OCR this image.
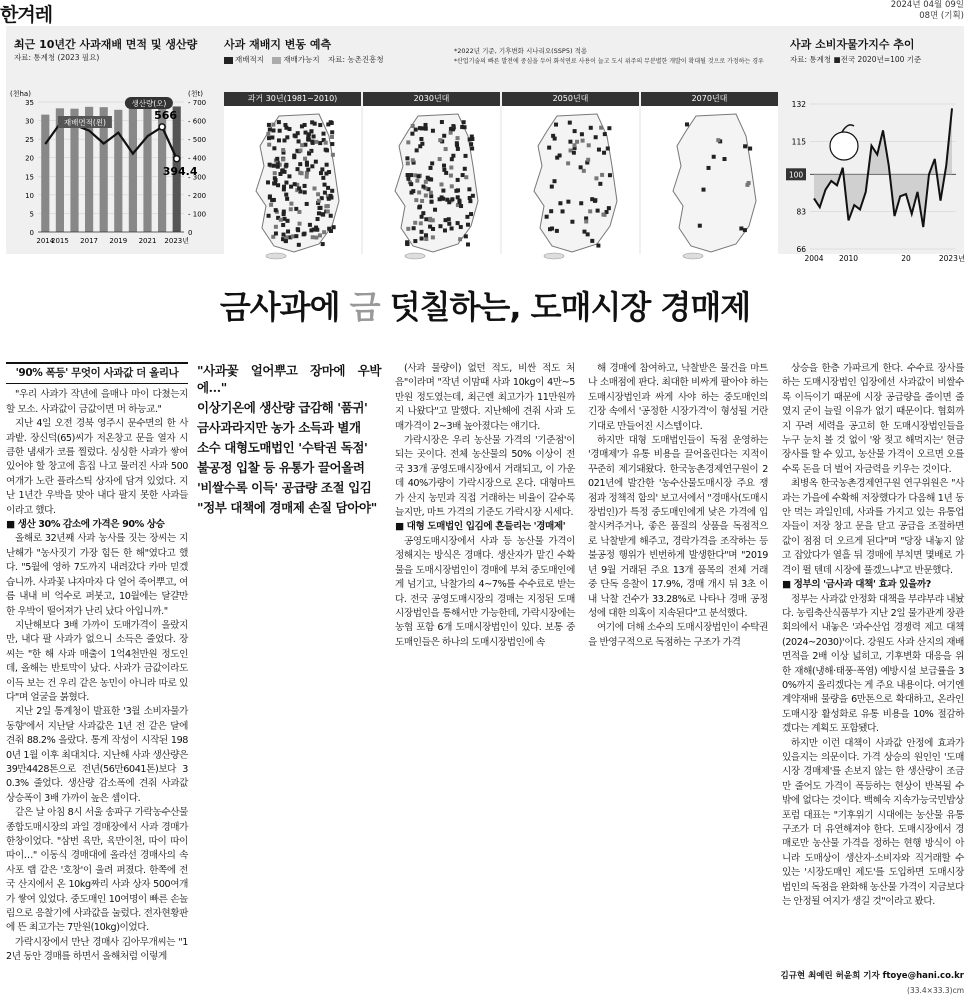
한겨레	2024년 04월 09일
08면 (기획)
최근 10년간 사과재배 면적 및 생산량
자료: 통계청 (2023 필요)
(천ha)	(천t)
0
5
10
15
20
25
30
35
0
- 100
- 200
- 300
- 400
- 500
- 600
- 700
재배면적(왼)
생산량(오)
566
394.4
2014
2015 2017 2019 2021 2023년
사과 재배지 변동 예측
재배적지	재배가능지 자료: 농촌진흥청
*2022년 기준, 기후변화 시나리오(SSP5) 적용
*산업기술의 빠른 발전에 중심을 두어 화석연료 사용이 늘고 도시 위주의 무분별한 개발이 확대될 것으로 가정하는 경우
과거 30년(1981~2010)	2030년대	2050년대	2070년대
사과 소비자물가지수 추이
자료: 통계청 ■전국 2020년=100 기준
66
83
100
115
132
2004 2010	20	2023년
금사과에 금 덧칠하는, 도매시장 경매제
'90% 폭등' 무엇이 사과값 더 올리나

"우리 사과가 작년에 을매나 마이 다쳤는지 할 모소. 사과값이 금값이면 머 하능교."

지난 4일 오전 경북 영주시 문수면의 한 사과밭. 장신덕(65)씨가 저온창고 문을 열자 시큼한 냄새가 코를 찔렀다. 싱싱한 사과가 쌓여 있어야 할 창고에 흠집 나고 물러진 사과 500여개가 노란 플라스틱 상자에 담겨 있었다. 지난 1년간 우박을 맞아 내다 팔지 못한 사과들이라고 했다.

■ 생산 30% 감소에 가격은 90% 상승

올해로 32년째 사과 농사를 짓는 장씨는 지난해가 "농사짓기 가장 힘든 한 해"였다고 했다. "5월에 영하 7도까지 내려갔다 카마 믿겠습니까. 사과꽃 냐자마자 다 얼어 죽어뿌고, 여름 내내 비 억수로 퍼붓고, 10월에는 달걀만 한 우박이 떨어져가 난리 났다 아입니까."

지난해보다 3배 가까이 도매가격이 올랐지만, 내다 팔 사과가 없으니 소득은 줄었다. 장씨는 "한 해 사과 매출이 1억4천만원 정도인데, 올해는 반토막이 났다. 사과가 금값이라도 이득 보는 건 우리 같은 농민이 아니라 따로 있다"며 얼굴을 붉혔다.

지난 2일 통계청이 발표한 '3월 소비자물가 동향'에서 지난달 사과값은 1년 전 같은 달에 견줘 88.2% 올랐다. 통계 작성이 시작된 1980년 1월 이후 최대치다. 지난해 사과 생산량은 39만4428톤으로 전년(56만6041톤)보다 30.3% 줄었다. 생산량 감소폭에 견줘 사과값 상승폭이 3배 가까이 높은 셈이다.

같은 날 아침 8시 서울 송파구 가락농수산물종합도매시장의 과일 경매장에서 사과 경매가 한창이었다. "삼번 육만, 육만이천, 따이 따이따이…" 이동식 경매대에 올라선 경매사의 속사포 랩 같은 '호창'이 울려 퍼졌다. 한쪽에 전국 산지에서 온 10kg짜리 사과 상자 500여개가 쌓여 있었다. 중도매인 10여명이 빠른 손놀림으로 응찰기에 사과값을 눌렀다. 전자현황판에 뜬 최고가는 7만원(10kg)이었다.

가락시장에서 만난 경매사 김아무개씨는 "12년 동안 경매를 하면서 올해처럼 이렇게

"사과꽃 얼어뿌고 장마에 우박에…"
이상기온에 생산량 급감해 '품귀'
금사과라지만 농가 소득과 별개
소수 대형도매법인 '수탁권 독점'
불공정 입찰 등 유통가 끌어올려
'비쌀수록 이득' 공급량 조절 입김
"정부 대책에 경매제 손질 담아야"

(사과 물량이) 없던 적도, 비싼 적도 처음"이라며 "작년 이맘때 사과 10kg이 4만~5만원 정도였는데, 최근엔 최고가가 11만원까지 나왔다"고 말했다. 지난해에 견줘 사과 도매가격이 2~3배 높아졌다는 얘기다.

가락시장은 우리 농산물 가격의 '기준점'이 되는 곳이다. 전체 농산물의 50% 이상이 전국 33개 공영도매시장에서 거래되고, 이 가운데 40%가량이 가락시장으로 온다. 대형마트가 산지 농민과 직접 거래하는 비율이 갈수록 늘지만, 마트 가격의 기준도 가락시장 시세다.

■ 대형 도매법인 입김에 흔들리는 '경매제'

공영도매시장에서 사과 등 농산물 가격이 정해지는 방식은 경매다. 생산자가 맡긴 수확물을 도매시장법인이 경매에 부쳐 중도매인에게 넘기고, 낙찰가의 4~7%를 수수료로 받는다. 전국 공영도매시장의 경매는 지정된 도매시장법인을 통해서만 가능한데, 가락시장에는 농협 포함 6개 도매시장법인이 있다. 보통 중도매인들은 하나의 도매시장법인에 속

해 경매에 참여하고, 낙찰받은 물건을 마트나 소매점에 판다. 최대한 비싸게 팔아야 하는 도매시장법인과 싸게 사야 하는 중도매인의 긴장 속에서 '공정한 시장가격'이 형성될 거란 기대로 만들어진 시스템이다.

하지만 대형 도매법인들이 독점 운영하는 '경매제'가 유통 비용을 끌어올린다는 지적이 꾸준히 제기돼왔다. 한국농촌경제연구원이 2021년에 발간한 '농수산물도매시장 주요 쟁점과 정책적 함의' 보고서에서 "경매사(도매시장법인)가 특정 중도매인에게 낮은 가격에 입찰시켜주거나, 좋은 품질의 상품을 독점적으로 낙찰받게 해주고, 경락가격을 조작하는 등 불공정 행위가 빈번하게 발생한다"며 "2019년 9월 거래된 주요 13개 품목의 전체 거래 중 단독 응찰이 17.9%, 경매 개시 뒤 3초 이내 낙찰 건수가 33.28%로 나타나 경매 공정성에 대한 의혹이 지속된다"고 분석했다.

여기에 더해 소수의 도매시장법인이 수탁권을 반영구적으로 독점하는 구조가 가격

상승을 한층 가파르게 한다. 수수료 장사를 하는 도매시장법인 입장에선 사과값이 비쌀수록 이득이기 때문에 시장 공급량을 줄이면 줄였지 굳이 늘릴 이유가 없기 때문이다. 협회까지 꾸려 세력을 공고히 한 도매시장법인들을 누구 눈치 볼 것 없이 '왕 젖고 해먹지는' 현금 장사를 할 수 있고, 농산물 가격이 오르면 오를수록 돈을 더 벌어 자금력을 키우는 것이다.

최병옥 한국농촌경제연구원 연구위원은 "사과는 가을에 수확해 저장했다가 다음해 1년 동안 먹는 과일인데, 사과를 가지고 있는 유통업자들이 저장 창고 문을 닫고 공급을 조절하면 값이 점점 더 오르게 된다"며 "당장 내놓지 않고 잡았다가 열흘 뒤 경매에 부치면 몇배로 가격이 뛸 텐데 시장에 풀겠느냐"고 반문했다.

■ 정부의 '금사과 대책' 효과 있을까?

정부는 사과값 안정화 대책을 부랴부랴 내놨다. 농림축산식품부가 지난 2일 물가관계 장관회의에서 내놓은 '과수산업 경쟁력 제고 대책(2024~2030)'이다. 강원도 사과 산지의 재배 면적을 2배 이상 넓히고, 기후변화 대응을 위한 재해(냉해·태풍·폭염) 예방시설 보급률을 30%까지 올리겠다는 게 주요 내용이다. 여기엔 계약재배 물량을 6만톤으로 확대하고, 온라인 도매시장 활성화로 유통 비용을 10% 절감하겠다는 계획도 포함됐다.

하지만 이런 대책이 사과값 안정에 효과가 있을지는 의문이다. 가격 상승의 원인인 '도매시장 경매제'를 손보지 않는 한 생산량이 조금만 줄어도 가격이 폭등하는 현상이 반복될 수밖에 없다는 것이다. 백혜숙 지속가능국민밥상포럼 대표는 "기후위기 시대에는 농산물 유통 구조가 더 유연해져야 한다. 도매시장에서 경매로만 농산물 가격을 정하는 현행 방식이 아니라 도매상이 생산자·소비자와 직거래할 수 있는 '시장도매인 제도'를 도입하면 도매시장법인의 독점을 완화해 농산물 가격이 지금보다는 안정될 여지가 생길 것"이라고 봤다.

김규현 최예린 허윤희 기자 ftoye@hani.co.kr
(33.4×33.3)cm
